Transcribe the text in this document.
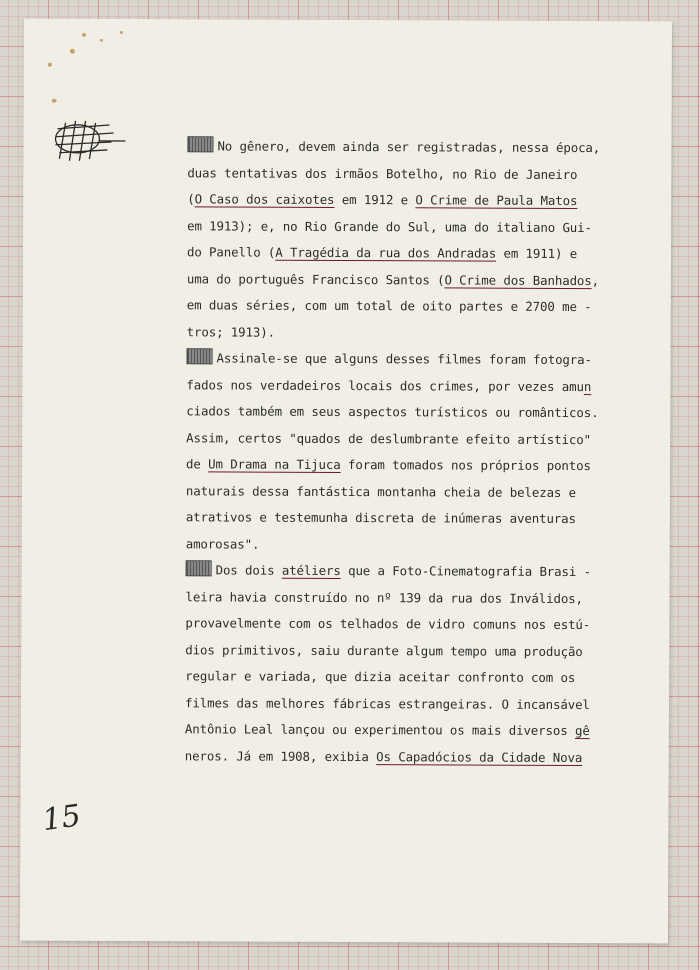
No gênero, devem ainda ser registradas, nessa época,
duas tentativas dos irmãos Botelho, no Rio de Janeiro
(O Caso dos caixotes em 1912 e O Crime de Paula Matos
em 1913); e, no Rio Grande do Sul, uma do italiano Gui-
do Panello (A Tragédia da rua dos Andradas em 1911) e
uma do português Francisco Santos (O Crime dos Banhados,
em duas séries, com um total de oito partes e 2700 me -
tros; 1913).
Assinale-se que alguns desses filmes foram fotogra-
fados nos verdadeiros locais dos crimes, por vezes amun
ciados também em seus aspectos turísticos ou românticos.
Assim, certos "quados de deslumbrante efeito artístico"
de Um Drama na Tijuca foram tomados nos próprios pontos
naturais dessa fantástica montanha cheia de belezas e
atrativos e testemunha discreta de inúmeras aventuras
amorosas".
Dos dois atéliers que a Foto-Cinematografia Brasi -
leira havia construído no nº 139 da rua dos Inválidos,
provavelmente com os telhados de vidro comuns nos estú-
dios primitivos, saiu durante algum tempo uma produção
regular e variada, que dizia aceitar confronto com os
filmes das melhores fábricas estrangeiras. O incansável
Antônio Leal lançou ou experimentou os mais diversos gê
neros. Já em 1908, exibia Os Capadócios da Cidade Nova
15
